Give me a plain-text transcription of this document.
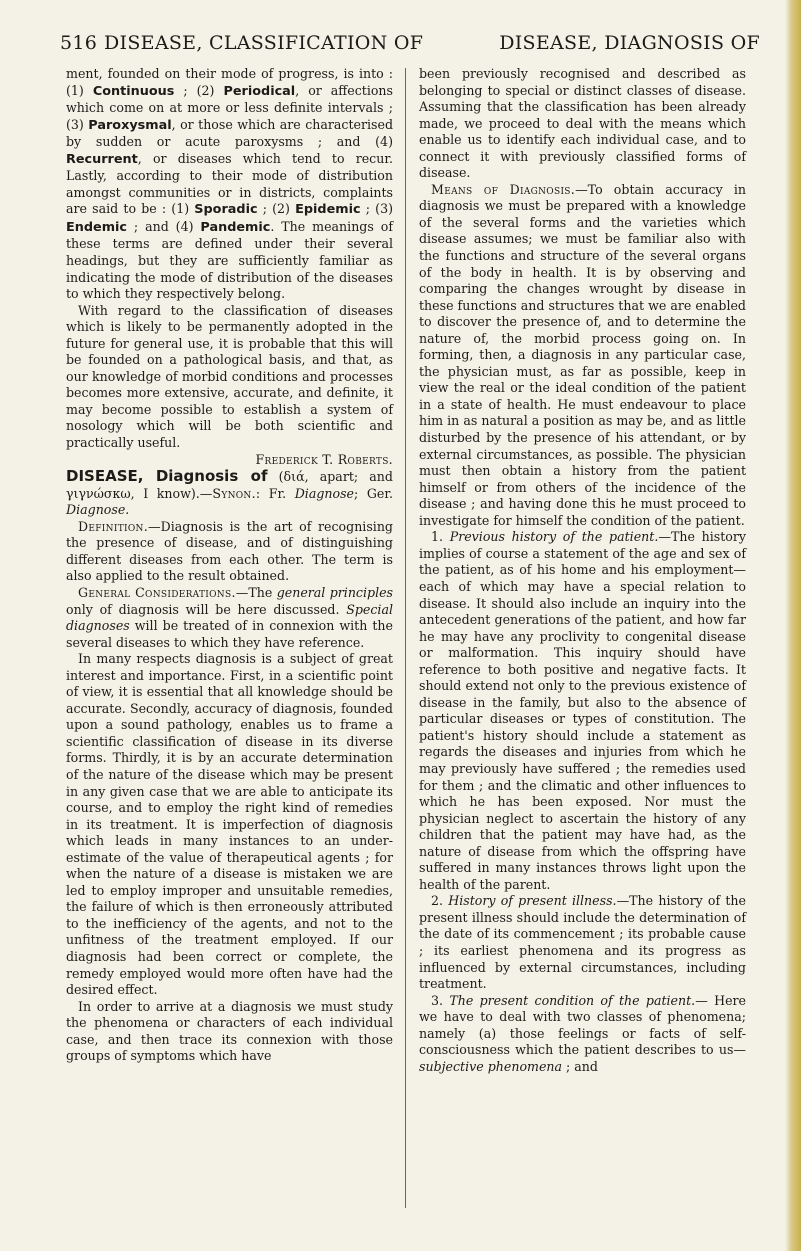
516 DISEASE, CLASSIFICATION OF	DISEASE, DIAGNOSIS OF

ment, founded on their mode of progress, is into : (1) Continuous ; (2) Periodical, or affections which come on at more or less definite intervals ; (3) Paroxysmal, or those which are characterised by sudden or acute paroxysms ; and (4) Recurrent, or diseases which tend to recur. Lastly, according to their mode of distribution amongst communities or in districts, complaints are said to be : (1) Sporadic ; (2) Epidemic ; (3) Endemic ; and (4) Pandemic. The meanings of these terms are defined under their several headings, but they are sufficiently familiar as indicating the mode of distribution of the diseases to which they respectively belong.

With regard to the classification of diseases which is likely to be permanently adopted in the future for general use, it is probable that this will be founded on a pathological basis, and that, as our knowledge of morbid conditions and processes becomes more extensive, accurate, and definite, it may become possible to establish a system of nosology which will be both scientific and practically useful.

Frederick T. Roberts.

DISEASE, Diagnosis of (διά, apart; and γιγνώσκω, I know).—Synon.: Fr. Diagnose; Ger. Diagnose.

Definition.—Diagnosis is the art of recognising the presence of disease, and of distinguishing different diseases from each other. The term is also applied to the result obtained.

General Considerations.—The general principles only of diagnosis will be here discussed. Special diagnoses will be treated of in connexion with the several diseases to which they have reference.

In many respects diagnosis is a subject of great interest and importance. First, in a scientific point of view, it is essential that all knowledge should be accurate. Secondly, accuracy of diagnosis, founded upon a sound pathology, enables us to frame a scientific classification of disease in its diverse forms. Thirdly, it is by an accurate determination of the nature of the disease which may be present in any given case that we are able to anticipate its course, and to employ the right kind of remedies in its treatment. It is imperfection of diagnosis which leads in many instances to an under-estimate of the value of therapeutical agents ; for when the nature of a disease is mistaken we are led to employ improper and unsuitable remedies, the failure of which is then erroneously attributed to the inefficiency of the agents, and not to the unfitness of the treatment employed. If our diagnosis had been correct or complete, the remedy employed would more often have had the desired effect.

In order to arrive at a diagnosis we must study the phenomena or characters of each individual case, and then trace its connexion with those groups of symptoms which have

been previously recognised and described as belonging to special or distinct classes of disease. Assuming that the classification has been already made, we proceed to deal with the means which enable us to identify each individual case, and to connect it with previously classified forms of disease.

Means of Diagnosis.—To obtain accuracy in diagnosis we must be prepared with a knowledge of the several forms and the varieties which disease assumes; we must be familiar also with the functions and structure of the several organs of the body in health. It is by observing and comparing the changes wrought by disease in these functions and structures that we are enabled to discover the presence of, and to determine the nature of, the morbid process going on. In forming, then, a diagnosis in any particular case, the physician must, as far as possible, keep in view the real or the ideal condition of the patient in a state of health. He must endeavour to place him in as natural a position as may be, and as little disturbed by the presence of his attendant, or by external circumstances, as possible. The physician must then obtain a history from the patient himself or from others of the incidence of the disease ; and having done this he must proceed to investigate for himself the condition of the patient.

1. Previous history of the patient.—The history implies of course a statement of the age and sex of the patient, as of his home and his employment—each of which may have a special relation to disease. It should also include an inquiry into the antecedent generations of the patient, and how far he may have any proclivity to congenital disease or malformation. This inquiry should have reference to both positive and negative facts. It should extend not only to the previous existence of disease in the family, but also to the absence of particular diseases or types of constitution. The patient's history should include a statement as regards the diseases and injuries from which he may previously have suffered ; the remedies used for them ; and the climatic and other influences to which he has been exposed. Nor must the physician neglect to ascertain the history of any children that the patient may have had, as the nature of disease from which the offspring have suffered in many instances throws light upon the health of the parent.

2. History of present illness.—The history of the present illness should include the determination of the date of its commencement ; its probable cause ; its earliest phenomena and its progress as influenced by external circumstances, including treatment.

3. The present condition of the patient.— Here we have to deal with two classes of phenomena; namely (a) those feelings or facts of self-consciousness which the patient describes to us—subjective phenomena ; and
